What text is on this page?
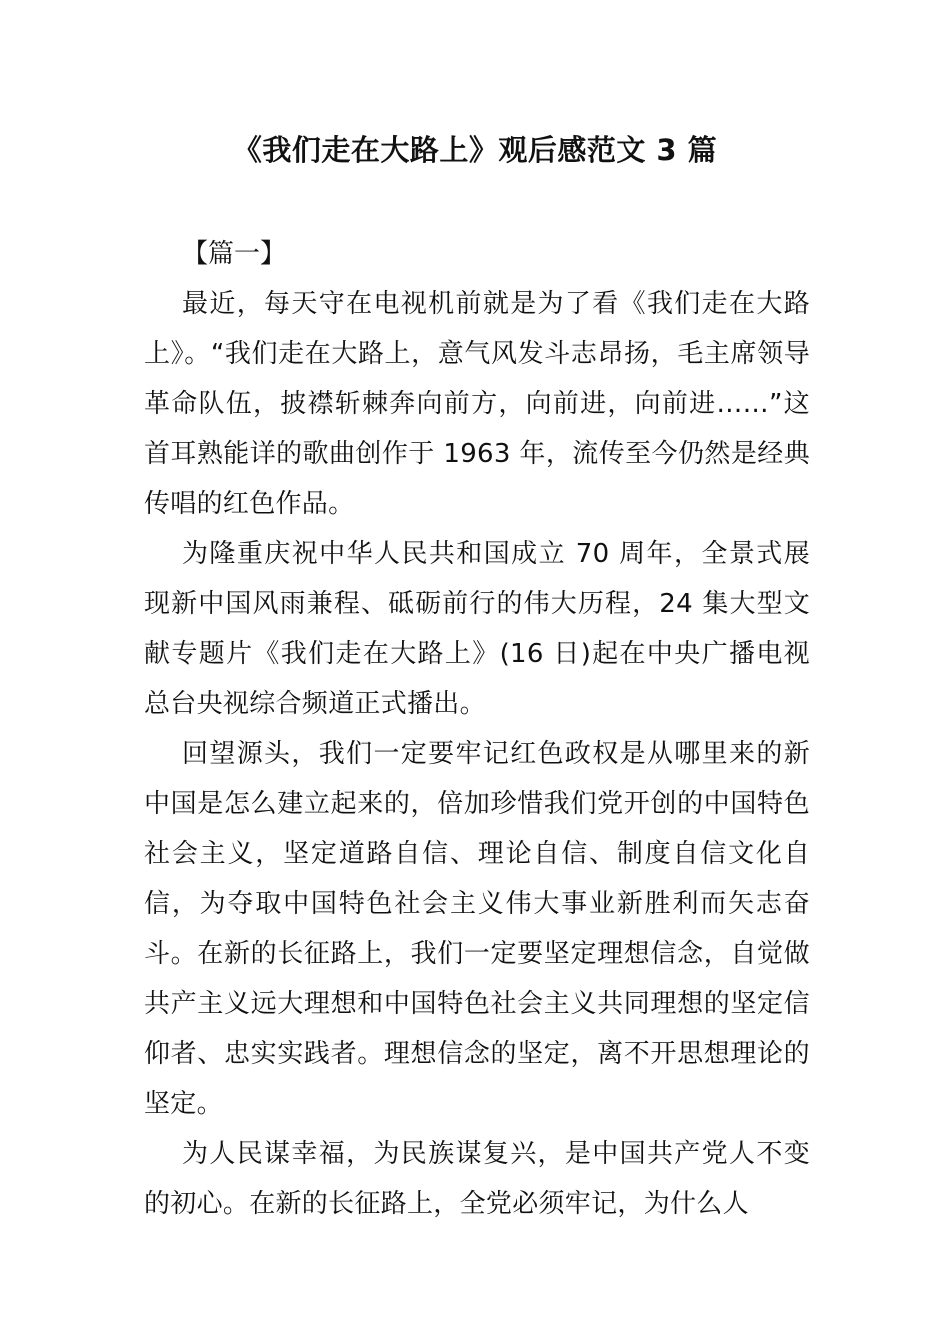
《我们走在大路上》观后感范文 3 篇

【篇一】

最近，每天守在电视机前就是为了看《我们走在大路上》。“我们走在大路上，意气风发斗志昂扬，毛主席领导革命队伍，披襟斩棘奔向前方，向前进，向前进……”这首耳熟能详的歌曲创作于 1963 年，流传至今仍然是经典传唱的红色作品。

为隆重庆祝中华人民共和国成立 70 周年，全景式展现新中国风雨兼程、砥砺前行的伟大历程，24 集大型文献专题片《我们走在大路上》(16 日)起在中央广播电视总台央视综合频道正式播出。

回望源头，我们一定要牢记红色政权是从哪里来的新中国是怎么建立起来的，倍加珍惜我们党开创的中国特色社会主义，坚定道路自信、理论自信、制度自信文化自信，为夺取中国特色社会主义伟大事业新胜利而矢志奋斗。在新的长征路上，我们一定要坚定理想信念，自觉做共产主义远大理想和中国特色社会主义共同理想的坚定信仰者、忠实实践者。理想信念的坚定，离不开思想理论的坚定。

为人民谋幸福，为民族谋复兴，是中国共产党人不变的初心。在新的长征路上，全党必须牢记，为什么人
